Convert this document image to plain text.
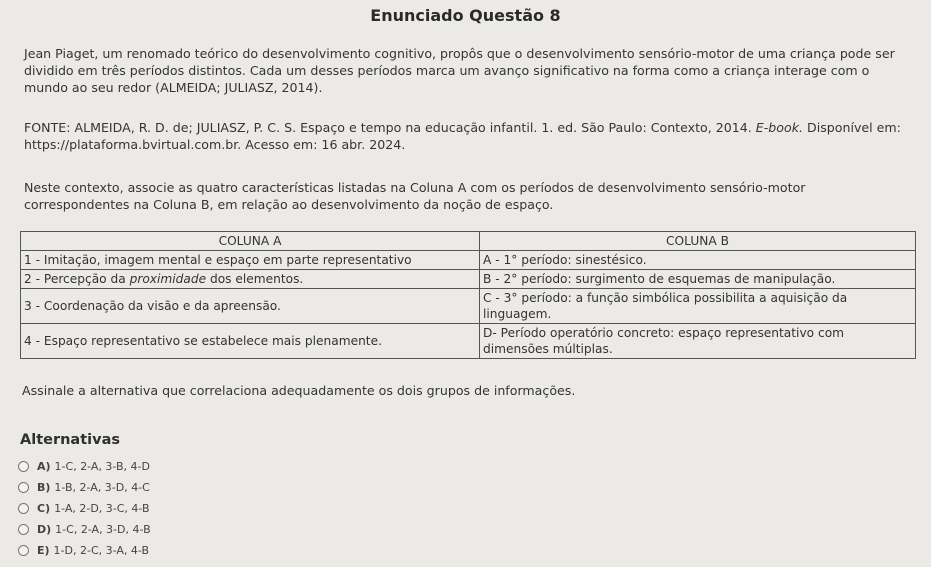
Enunciado Questão 8
Jean Piaget, um renomado teórico do desenvolvimento cognitivo, propôs que o desenvolvimento sensório-motor de uma criança pode ser dividido em três períodos distintos. Cada um desses períodos marca um avanço significativo na forma como a criança interage com o mundo ao seu redor (ALMEIDA; JULIASZ, 2014).
FONTE: ALMEIDA, R. D. de; JULIASZ, P. C. S. Espaço e tempo na educação infantil. 1. ed. São Paulo: Contexto, 2014. E-book. Disponível em: https://plataforma.bvirtual.com.br. Acesso em: 16 abr. 2024.
Neste contexto, associe as quatro características listadas na Coluna A com os períodos de desenvolvimento sensório-motor correspondentes na Coluna B, em relação ao desenvolvimento da noção de espaço.
COLUNA A	COLUNA B
1 - Imitação, imagem mental e espaço em parte representativo	A - 1° período: sinestésico.
2 - Percepção da proximidade dos elementos.	B - 2° período: surgimento de esquemas de manipulação.
3 - Coordenação da visão e da apreensão.	C - 3° período: a função simbólica possibilita a aquisição da linguagem.
4 - Espaço representativo se estabelece mais plenamente.	D- Período operatório concreto: espaço representativo com dimensões múltiplas.
Assinale a alternativa que correlaciona adequadamente os dois grupos de informações.
Alternativas
A) 1-C, 2-A, 3-B, 4-D
B) 1-B, 2-A, 3-D, 4-C
C) 1-A, 2-D, 3-C, 4-B
D) 1-C, 2-A, 3-D, 4-B
E) 1-D, 2-C, 3-A, 4-B
